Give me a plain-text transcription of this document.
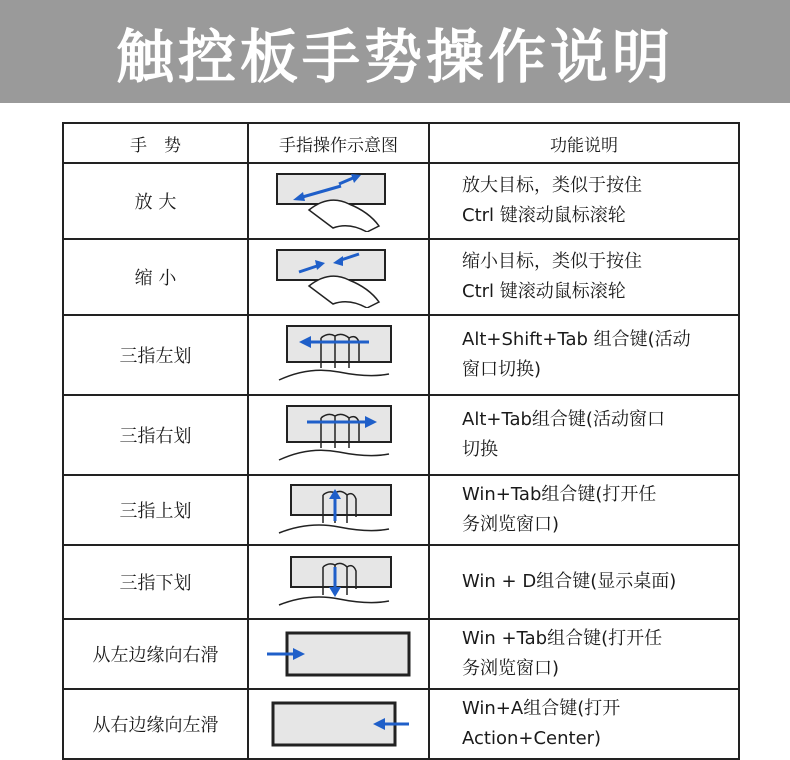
触控板手势操作说明
手　势	手指操作示意图	功能说明
放 大		放大目标，类似于按住
Ctrl 键滚动鼠标滚轮

缩 小		缩小目标，类似于按住
Ctrl 键滚动鼠标滚轮

三指左划		Alt+Shift+Tab 组合键(活动
窗口切换)

三指右划		Alt+Tab组合键(活动窗口
切换

三指上划		Win+Tab组合键(打开任
务浏览窗口)

三指下划		Win + D组合键(显示桌面)

从左边缘向右滑		Win +Tab组合键(打开任
务浏览窗口)

从右边缘向左滑		Win+A组合键(打开
Action+Center)
